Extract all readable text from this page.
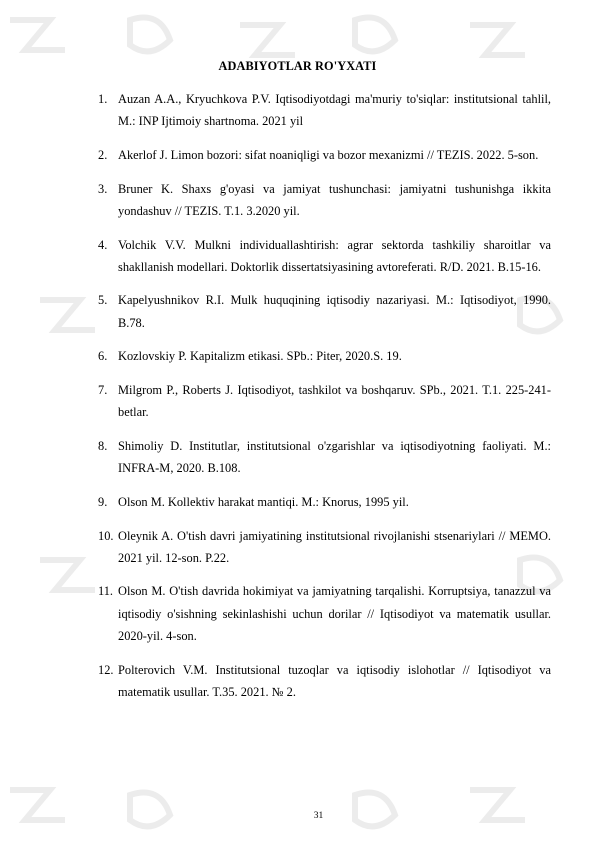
ADABIYOTLAR RO'YXATI
1. Auzan A.A., Kryuchkova P.V. Iqtisodiyotdagi ma'muriy to'siqlar: institutsional tahlil, M.: INP Ijtimoiy shartnoma. 2021 yil
2. Akerlof J. Limon bozori: sifat noaniqligi va bozor mexanizmi // TEZIS. 2022. 5-son.
3. Bruner K. Shaxs g'oyasi va jamiyat tushunchasi: jamiyatni tushunishga ikkita yondashuv // TEZIS. T.1. 3.2020 yil.
4. Volchik V.V. Mulkni individuallashtirish: agrar sektorda tashkiliy sharoitlar va shakllanish modellari. Doktorlik dissertatsiyasining avtoreferati. R/D. 2021. B.15-16.
5. Kapelyushnikov R.I. Mulk huquqining iqtisodiy nazariyasi. M.: Iqtisodiyot, 1990. B.78.
6. Kozlovskiy P. Kapitalizm etikasi. SPb.: Piter, 2020.S. 19.
7. Milgrom P., Roberts J. Iqtisodiyot, tashkilot va boshqaruv. SPb., 2021. T.1. 225-241-betlar.
8. Shimoliy D. Institutlar, institutsional o'zgarishlar va iqtisodiyotning faoliyati. M.: INFRA-M, 2020. B.108.
9. Olson M. Kollektiv harakat mantiqi. M.: Knorus, 1995 yil.
10. Oleynik A. O'tish davri jamiyatining institutsional rivojlanishi stsenariylari // MEMO. 2021 yil. 12-son. P.22.
11. Olson M. O'tish davrida hokimiyat va jamiyatning tarqalishi. Korruptsiya, tanazzul va iqtisodiy o'sishning sekinlashishi uchun dorilar // Iqtisodiyot va matematik usullar. 2020-yil. 4-son.
12. Polterovich V.M. Institutsional tuzoqlar va iqtisodiy islohotlar // Iqtisodiyot va matematik usullar. T.35. 2021. № 2.
31
